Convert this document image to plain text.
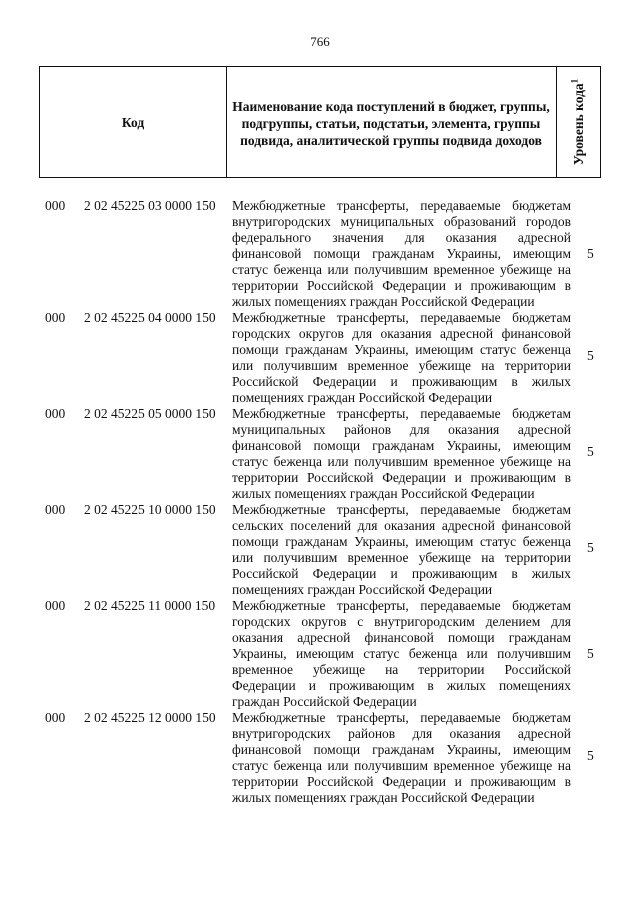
766
Код
Наименование кода поступлений в бюджет, группы, подгруппы, статьи, подстатьи, элемента, группы подвида, аналитической группы подвида доходов	Уровень кода$^1$
000 2 02 45225 03 0000 150 Межбюджетные трансферты, передаваемые бюджетам внутригородских муниципальных образований городов федерального значения для оказания адресной финансовой помощи гражданам Украины, имеющим статус беженца или получившим временное убежище на территории Российской Федерации и проживающим в жилых помещениях граждан Российской Федерации
5
000 2 02 45225 04 0000 150 Межбюджетные трансферты, передаваемые бюджетам городских округов для оказания адресной финансовой помощи гражданам Украины, имеющим статус беженца или получившим временное убежище на территории Российской Федерации и проживающим в жилых помещениях граждан Российской Федерации
5
000 2 02 45225 05 0000 150 Межбюджетные трансферты, передаваемые бюджетам муниципальных районов для оказания адресной финансовой помощи гражданам Украины, имеющим статус беженца или получившим временное убежище на территории Российской Федерации и проживающим в жилых помещениях граждан Российской Федерации
5
000 2 02 45225 10 0000 150 Межбюджетные трансферты, передаваемые бюджетам сельских поселений для оказания адресной финансовой помощи гражданам Украины, имеющим статус беженца или получившим временное убежище на территории Российской Федерации и проживающим в жилых помещениях граждан Российской Федерации
5
000 2 02 45225 11 0000 150 Межбюджетные трансферты, передаваемые бюджетам городских округов с внутригородским делением для оказания адресной финансовой помощи гражданам Украины, имеющим статус беженца или получившим временное убежище на территории Российской Федерации и проживающим в жилых помещениях граждан Российской Федерации
5
000 2 02 45225 12 0000 150 Межбюджетные трансферты, передаваемые бюджетам внутригородских районов для оказания адресной финансовой помощи гражданам Украины, имеющим статус беженца или получившим временное убежище на территории Российской Федерации и проживающим в жилых помещениях граждан Российской Федерации
5
